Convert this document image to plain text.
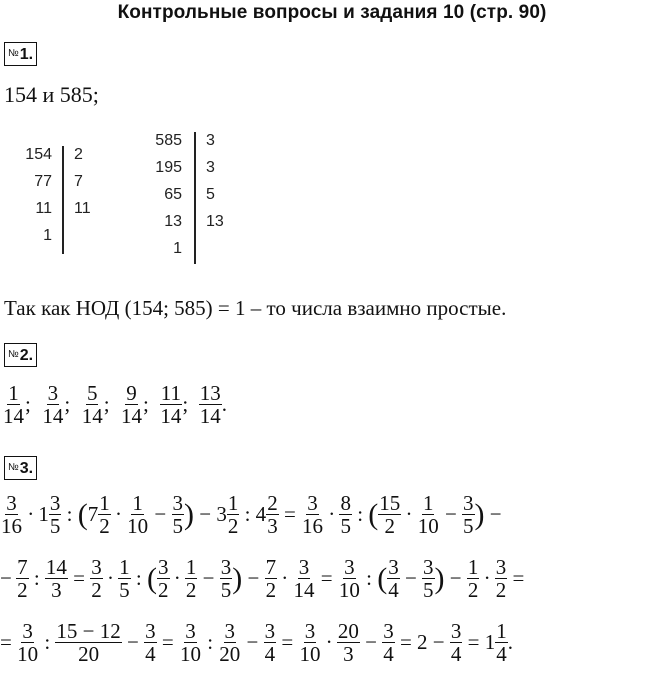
Контрольные вопросы и задания 10 (стр. 90)
№1.
154 и 585;
154
77
11
1
2
7
11
585
195
65
13
1
3
3
5
13
Так как НОД (154; 585) = 1 – то числа взаимно простые.
№2.
$\frac{1}{14}$ ; $\frac{3}{14}$ ; $\frac{5}{14}$ ; $\frac{9}{14}$ ; $\frac{11}{14}$ ; $\frac{13}{14}$ .
№3.
$\frac{3}{16} \cdot 1 \frac{3}{5}$ : ( $7 \frac{1}{2} \cdot \frac{1}{10} - \frac{3}{5}$ ) − $3 \frac{1}{2}$ : $4 \frac{2}{3} = \frac{3}{16} \cdot \frac{8}{5}$ : ( $\frac{15}{2} \cdot \frac{1}{10} - \frac{3}{5}$ ) −
−  $\frac{7}{2}$ : $\frac{14}{3} = \frac{3}{2} \cdot \frac{1}{5}$ : ( $\frac{3}{2} \cdot \frac{1}{2} - \frac{3}{5}$ ) − $\frac{7}{2} \cdot \frac{3}{14} = \frac{3}{10}$ : ( $\frac{3}{4} - \frac{3}{5}$ ) − $\frac{1}{2} \cdot \frac{3}{2}$ =
=  $\frac{3}{10}$ : $\frac{15 - 12}{20} - \frac{3}{4} = \frac{3}{10}$ : $\frac{3}{20} - \frac{3}{4} = \frac{3}{10} \cdot \frac{20}{3} - \frac{3}{4} = 2 - \frac{3}{4} = 1 \frac{1}{4}$ .
